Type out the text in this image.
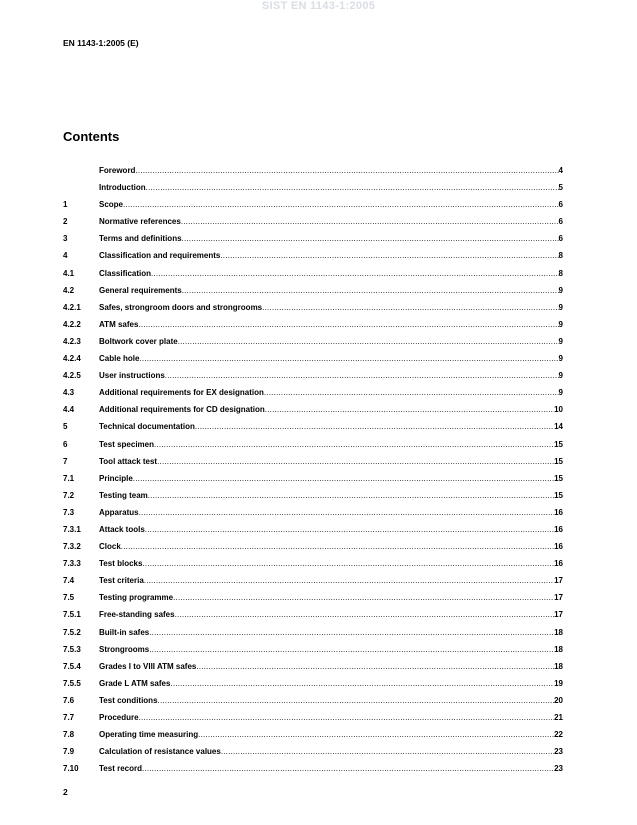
SIST EN 1143-1:2005
EN 1143-1:2005 (E)
Contents
Foreword .....	4
Introduction .....	5
1	Scope .....	6
2	Normative references .....	6
3	Terms and definitions .....	6
4	Classification and requirements .....	8
4.1	Classification .....	8
4.2	General requirements .....	9
4.2.1	Safes, strongroom doors and strongrooms .....	9
4.2.2	ATM safes .....	9
4.2.3	Boltwork cover plate .....	9
4.2.4	Cable hole .....	9
4.2.5	User instructions .....	9
4.3	Additional requirements for EX designation .....	9
4.4	Additional requirements for CD designation .....	10
5	Technical documentation .....	14
6	Test specimen .....	15
7	Tool attack test .....	15
7.1	Principle .....	15
7.2	Testing team .....	15
7.3	Apparatus .....	16
7.3.1	Attack tools .....	16
7.3.2	Clock .....	16
7.3.3	Test blocks .....	16
7.4	Test criteria .....	17
7.5	Testing programme .....	17
7.5.1	Free-standing safes .....	17
7.5.2	Built-in safes .....	18
7.5.3	Strongrooms .....	18
7.5.4	Grades I to VIII ATM safes .....	18
7.5.5	Grade L ATM safes .....	19
7.6	Test conditions .....	20
7.7	Procedure .....	21
7.8	Operating time measuring .....	22
7.9	Calculation of resistance values .....	23
7.10	Test record .....	23
2
